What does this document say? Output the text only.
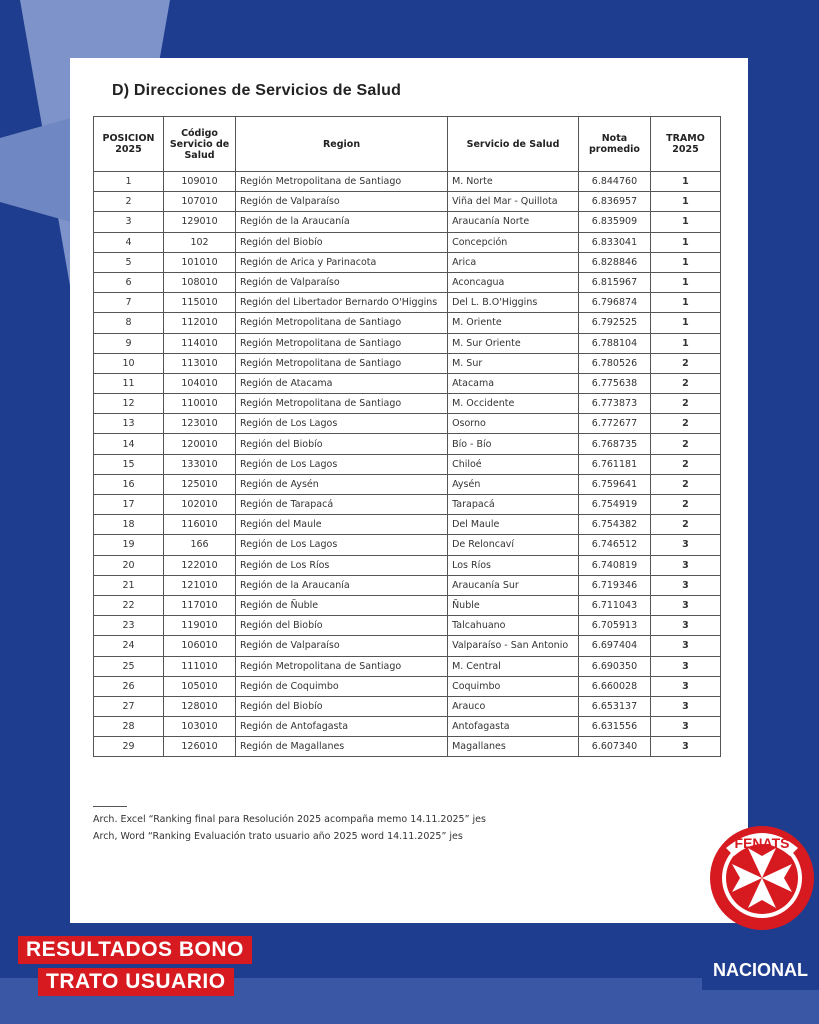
D) Direcciones de Servicios de Salud
POSICION 2025	Código Servicio de Salud	Region	Servicio de Salud	Nota promedio	TRAMO 2025
1	109010	Región Metropolitana de Santiago	M. Norte	6.844760	1
2	107010	Región de Valparaíso	Viña del Mar - Quillota	6.836957	1
3	129010	Región de la Araucanía	Araucanía Norte	6.835909	1
4	102	Región del Biobío	Concepción	6.833041	1
5	101010	Región de Arica y Parinacota	Arica	6.828846	1
6	108010	Región de Valparaíso	Aconcagua	6.815967	1
7	115010	Región del Libertador Bernardo O'Higgins	Del L. B.O'Higgins	6.796874	1
8	112010	Región Metropolitana de Santiago	M. Oriente	6.792525	1
9	114010	Región Metropolitana de Santiago	M. Sur Oriente	6.788104	1
10	113010	Región Metropolitana de Santiago	M. Sur	6.780526	2
11	104010	Región de Atacama	Atacama	6.775638	2
12	110010	Región Metropolitana de Santiago	M. Occidente	6.773873	2
13	123010	Región de Los Lagos	Osorno	6.772677	2
14	120010	Región del Biobío	Bío - Bío	6.768735	2
15	133010	Región de Los Lagos	Chiloé	6.761181	2
16	125010	Región de Aysén	Aysén	6.759641	2
17	102010	Región de Tarapacá	Tarapacá	6.754919	2
18	116010	Región del Maule	Del Maule	6.754382	2
19	166	Región de Los Lagos	De Reloncaví	6.746512	3
20	122010	Región de Los Ríos	Los Ríos	6.740819	3
21	121010	Región de la Araucanía	Araucanía Sur	6.719346	3
22	117010	Región de Ñuble	Ñuble	6.711043	3
23	119010	Región del Biobío	Talcahuano	6.705913	3
24	106010	Región de Valparaíso	Valparaíso - San Antonio	6.697404	3
25	111010	Región Metropolitana de Santiago	M. Central	6.690350	3
26	105010	Región de Coquimbo	Coquimbo	6.660028	3
27	128010	Región del Biobío	Arauco	6.653137	3
28	103010	Región de Antofagasta	Antofagasta	6.631556	3
29	126010	Región de Magallanes	Magallanes	6.607340	3
Arch. Excel “Ranking final para Resolución 2025 acompaña memo 14.11.2025” jes
Arch, Word “Ranking Evaluación trato usuario año 2025 word 14.11.2025” jes
RESULTADOS BONO
TRATO USUARIO
FENATS
NACIONAL
